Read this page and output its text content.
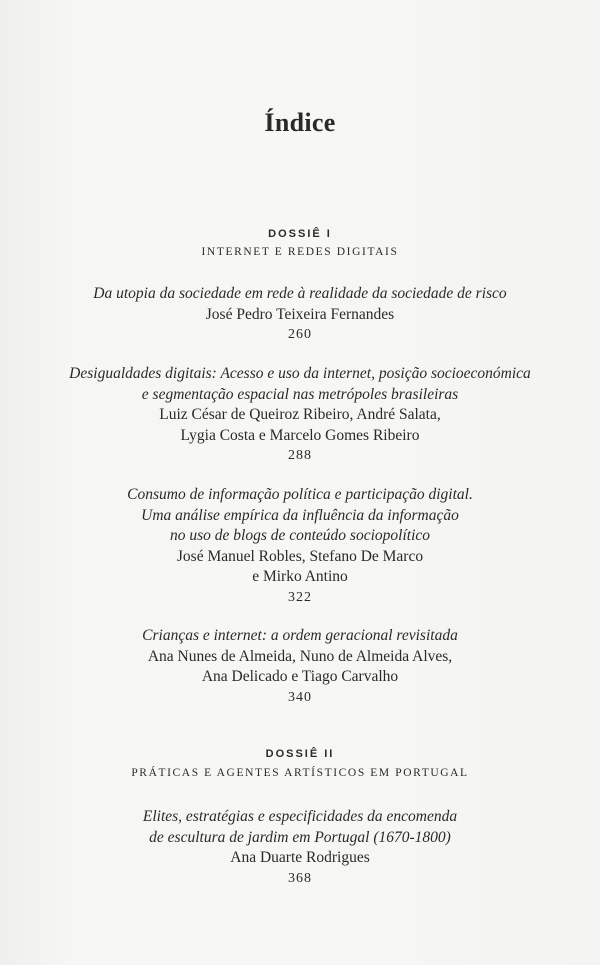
Índice
DOSSIÊ I
INTERNET E REDES DIGITAIS
Da utopia da sociedade em rede à realidade da sociedade de risco
José Pedro Teixeira Fernandes
260
Desigualdades digitais: Acesso e uso da internet, posição socioeconómica
e segmentação espacial nas metrópoles brasileiras
Luiz César de Queiroz Ribeiro, André Salata,
Lygia Costa e Marcelo Gomes Ribeiro
288
Consumo de informação política e participação digital.
Uma análise empírica da influência da informação
no uso de blogs de conteúdo sociopolítico
José Manuel Robles, Stefano De Marco
e Mirko Antino
322
Crianças e internet: a ordem geracional revisitada
Ana Nunes de Almeida, Nuno de Almeida Alves,
Ana Delicado e Tiago Carvalho
340
DOSSIÊ II
PRÁTICAS E AGENTES ARTÍSTICOS EM PORTUGAL
Elites, estratégias e especificidades da encomenda
de escultura de jardim em Portugal (1670-1800)
Ana Duarte Rodrigues
368
